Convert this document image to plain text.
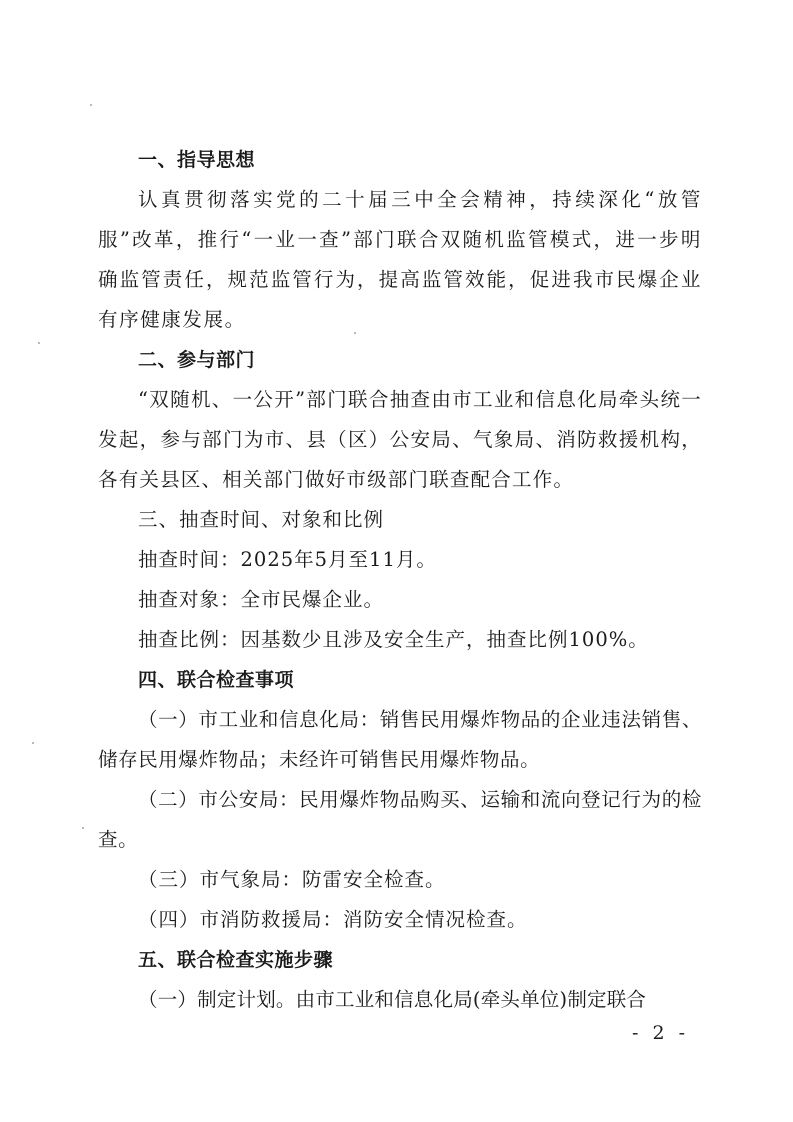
一、指导思想

认真贯彻落实党的二十届三中全会精神，持续深化“放管服”改革，推行“一业一查”部门联合双随机监管模式，进一步明确监管责任，规范监管行为，提高监管效能，促进我市民爆企业有序健康发展。

二、参与部门

“双随机、一公开”部门联合抽查由市工业和信息化局牵头统一发起，参与部门为市、县（区）公安局、气象局、消防救援机构，各有关县区、相关部门做好市级部门联查配合工作。

三、抽查时间、对象和比例
抽查时间：2025年5月至11月。
抽查对象：全市民爆企业。
抽查比例：因基数少且涉及安全生产，抽查比例100%。
四、联合检查事项

（一）市工业和信息化局：销售民用爆炸物品的企业违法销售、储存民用爆炸物品；未经许可销售民用爆炸物品。

（二）市公安局：民用爆炸物品购买、运输和流向登记行为的检查。

（三）市气象局：防雷安全检查。
（四）市消防救援局：消防安全情况检查。
五、联合检查实施步骤
（一）制定计划。由市工业和信息化局(牵头单位)制定联合
- 2 -
